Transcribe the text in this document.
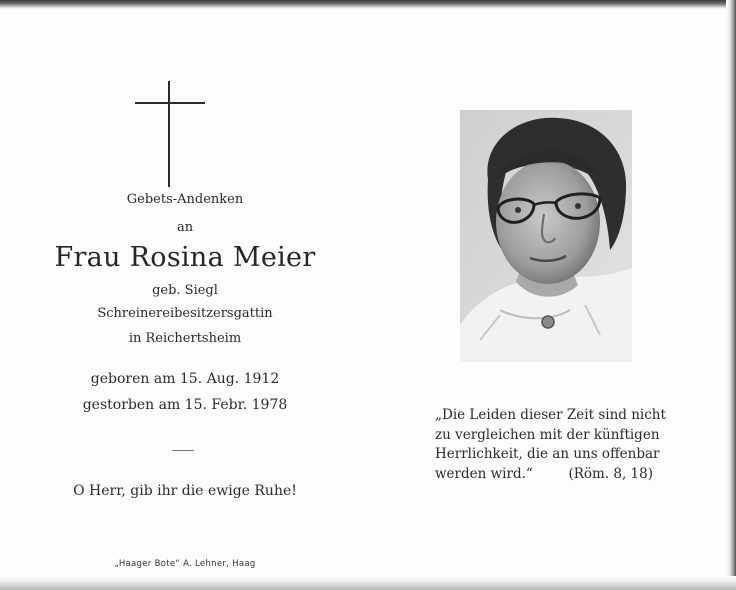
Gebets-Andenken
an
Frau Rosina Meier
geb. Siegl
Schreinereibesitzersgattin
in Reichertsheim
geboren am 15. Aug. 1912
gestorben am 15. Febr. 1978
O Herr, gib ihr die ewige Ruhe!
„Haager Bote“ A. Lehner, Haag
„Die Leiden dieser Zeit sind nicht
zu vergleichen mit der künftigen
Herrlichkeit, die an uns offenbar
werden wird.“	(Röm. 8, 18)
